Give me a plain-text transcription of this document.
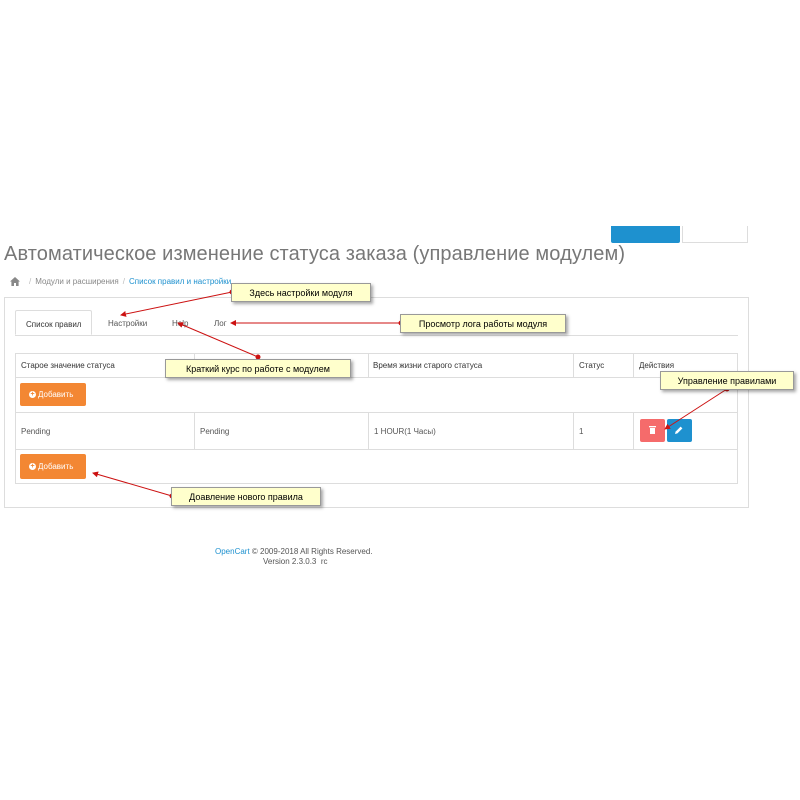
Автоматическое изменение статуса заказа (управление модулем)
/ Модули и расширения / Список правил и настройки
Список правил	Настройки	Help	Лог
Старое значение статуса	Время жизни старого статуса	Статус	Действия
+ Добавить
Pending	Pending	1 HOUR(1 Часы)	1
+ Добавить
Здесь настройки модуля
Просмотр лога работы модуля
Краткий курс по работе с модулем
Управление правилами
Доавление нового правила
OpenCart © 2009-2018 All Rights Reserved.
Version 2.3.0.3_rc
